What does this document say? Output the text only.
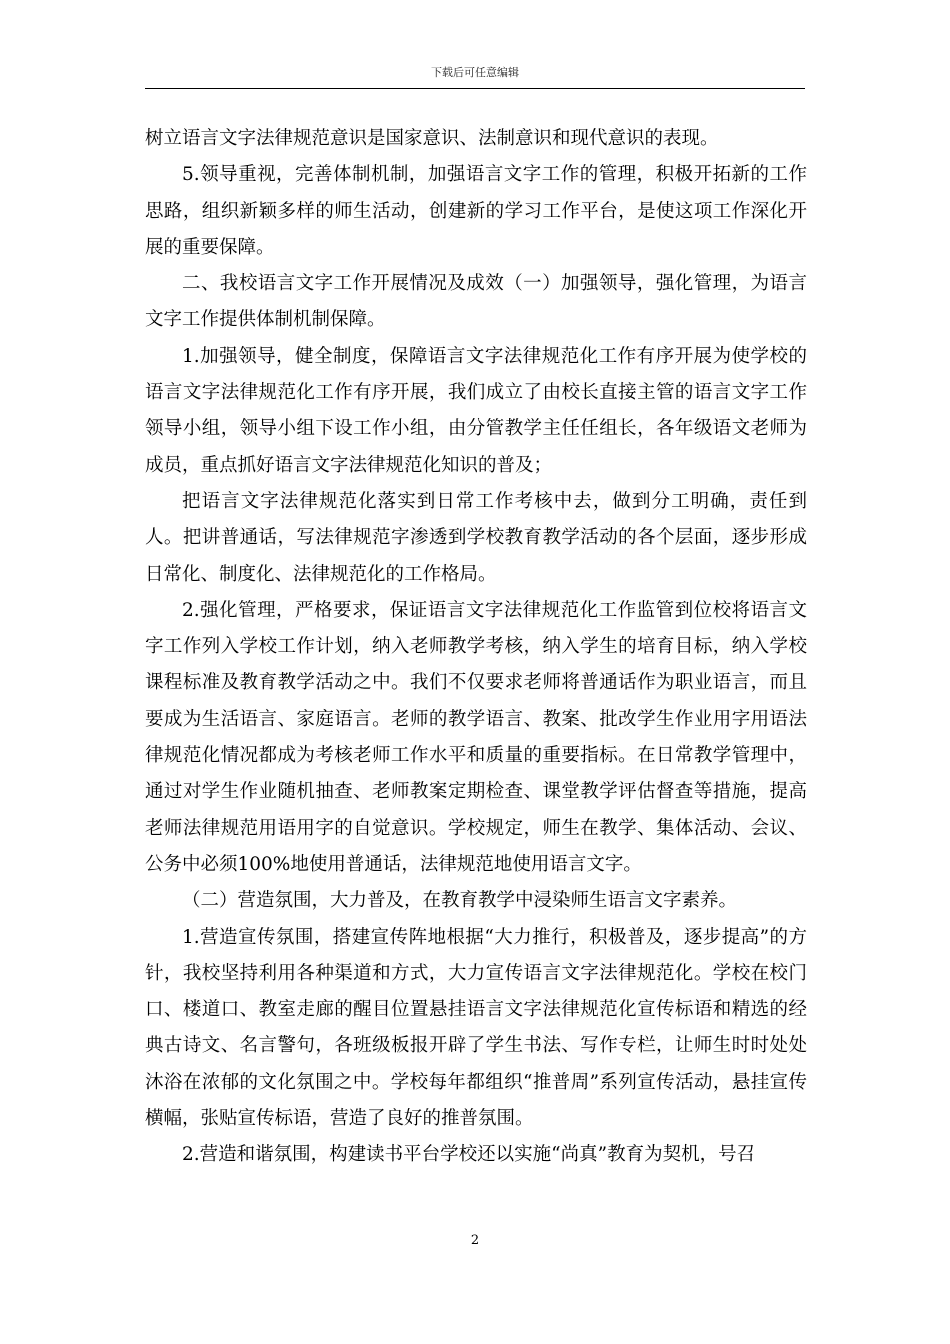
下载后可任意编辑

树立语言文字法律规范意识是国家意识、法制意识和现代意识的表现。

5.领导重视，完善体制机制，加强语言文字工作的管理，积极开拓新的工作思路，组织新颖多样的师生活动，创建新的学习工作平台，是使这项工作深化开展的重要保障。

二、我校语言文字工作开展情况及成效（一）加强领导，强化管理，为语言文字工作提供体制机制保障。

1.加强领导，健全制度，保障语言文字法律规范化工作有序开展为使学校的语言文字法律规范化工作有序开展，我们成立了由校长直接主管的语言文字工作领导小组，领导小组下设工作小组，由分管教学主任任组长，各年级语文老师为成员，重点抓好语言文字法律规范化知识的普及；

把语言文字法律规范化落实到日常工作考核中去，做到分工明确，责任到人。把讲普通话，写法律规范字渗透到学校教育教学活动的各个层面，逐步形成日常化、制度化、法律规范化的工作格局。

2.强化管理，严格要求，保证语言文字法律规范化工作监管到位校将语言文字工作列入学校工作计划，纳入老师教学考核，纳入学生的培育目标，纳入学校课程标准及教育教学活动之中。我们不仅要求老师将普通话作为职业语言，而且要成为生活语言、家庭语言。老师的教学语言、教案、批改学生作业用字用语法律规范化情况都成为考核老师工作水平和质量的重要指标。在日常教学管理中，通过对学生作业随机抽查、老师教案定期检查、课堂教学评估督查等措施，提高老师法律规范用语用字的自觉意识。学校规定，师生在教学、集体活动、会议、公务中必须100%地使用普通话，法律规范地使用语言文字。

（二）营造氛围，大力普及，在教育教学中浸染师生语言文字素养。

1.营造宣传氛围，搭建宣传阵地根据“大力推行，积极普及，逐步提高”的方针，我校坚持利用各种渠道和方式，大力宣传语言文字法律规范化。学校在校门口、楼道口、教室走廊的醒目位置悬挂语言文字法律规范化宣传标语和精选的经典古诗文、名言警句，各班级板报开辟了学生书法、写作专栏，让师生时时处处沐浴在浓郁的文化氛围之中。学校每年都组织“推普周”系列宣传活动，悬挂宣传横幅，张贴宣传标语，营造了良好的推普氛围。

2.营造和谐氛围，构建读书平台学校还以实施“尚真”教育为契机，号召

2
